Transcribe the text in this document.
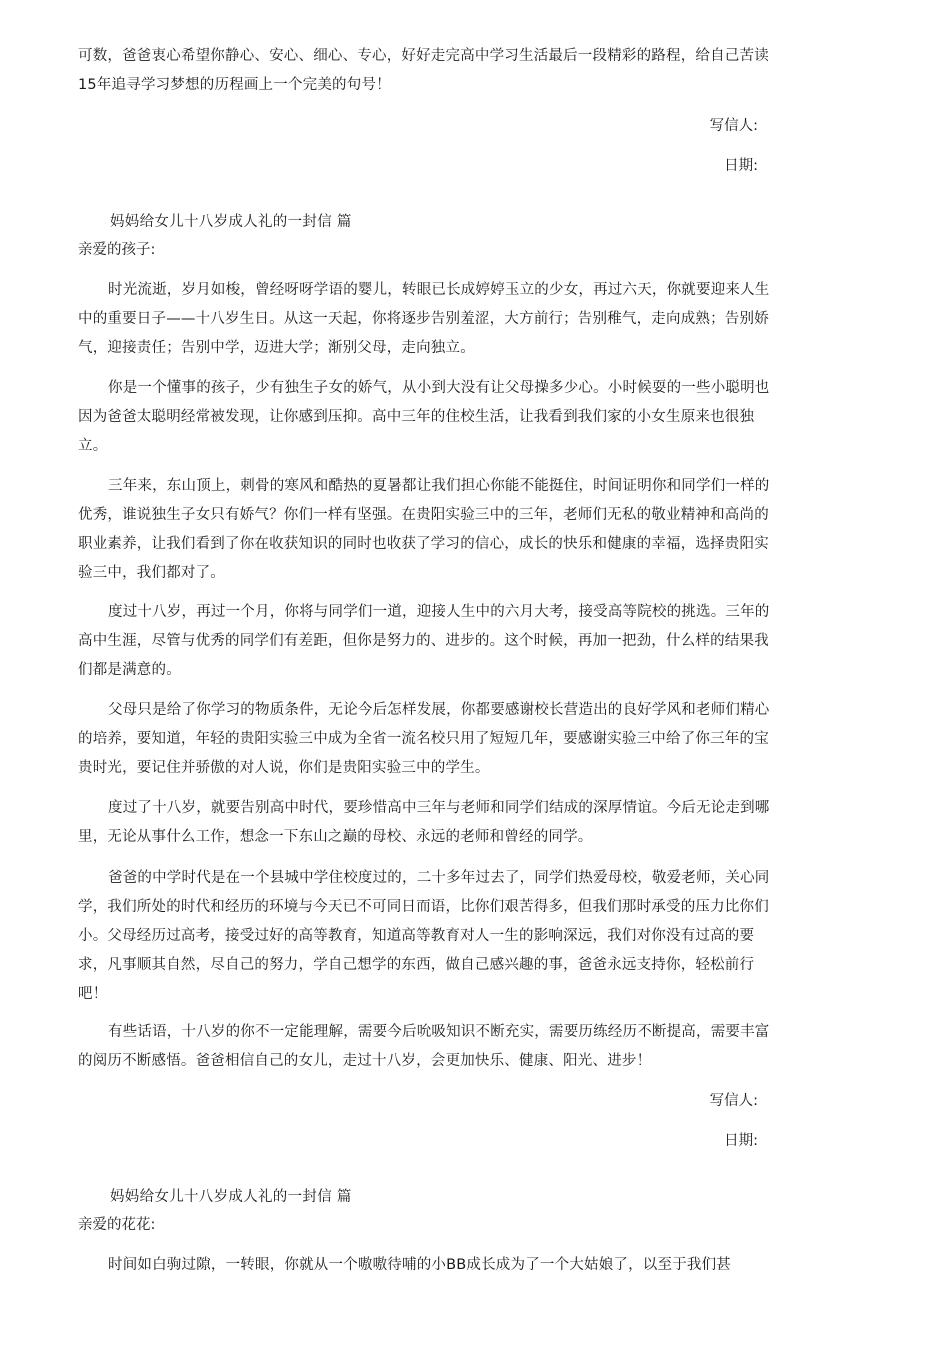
可数，爸爸衷心希望你静心、安心、细心、专心，好好走完高中学习生活最后一段精彩的路程，给自己苦读15年追寻学习梦想的历程画上一个完美的句号！

写信人:
日期:
妈妈给女儿十八岁成人礼的一封信 篇
亲爱的孩子:

时光流逝，岁月如梭，曾经呀呀学语的婴儿，转眼已长成婷婷玉立的少女，再过六天，你就要迎来人生中的重要日子——十八岁生日。从这一天起，你将逐步告别羞涩，大方前行；告别稚气，走向成熟；告别娇气，迎接责任；告别中学，迈进大学；渐别父母，走向独立。

你是一个懂事的孩子，少有独生子女的娇气，从小到大没有让父母操多少心。小时候耍的一些小聪明也因为爸爸太聪明经常被发现，让你感到压抑。高中三年的住校生活，让我看到我们家的小女生原来也很独立。

三年来，东山顶上，刺骨的寒风和酷热的夏暑都让我们担心你能不能挺住，时间证明你和同学们一样的优秀，谁说独生子女只有娇气？你们一样有坚强。在贵阳实验三中的三年，老师们无私的敬业精神和高尚的职业素养，让我们看到了你在收获知识的同时也收获了学习的信心，成长的快乐和健康的幸福，选择贵阳实验三中，我们都对了。

度过十八岁，再过一个月，你将与同学们一道，迎接人生中的六月大考，接受高等院校的挑选。三年的高中生涯，尽管与优秀的同学们有差距，但你是努力的、进步的。这个时候，再加一把劲，什么样的结果我们都是满意的。

父母只是给了你学习的物质条件，无论今后怎样发展，你都要感谢校长营造出的良好学风和老师们精心的培养，要知道，年轻的贵阳实验三中成为全省一流名校只用了短短几年，要感谢实验三中给了你三年的宝贵时光，要记住并骄傲的对人说，你们是贵阳实验三中的学生。

度过了十八岁，就要告别高中时代，要珍惜高中三年与老师和同学们结成的深厚情谊。今后无论走到哪里，无论从事什么工作，想念一下东山之巅的母校、永远的老师和曾经的同学。

爸爸的中学时代是在一个县城中学住校度过的，二十多年过去了，同学们热爱母校，敬爱老师，关心同学，我们所处的时代和经历的环境与今天已不可同日而语，比你们艰苦得多，但我们那时承受的压力比你们小。父母经历过高考，接受过好的高等教育，知道高等教育对人一生的影响深远，我们对你没有过高的要求，凡事顺其自然，尽自己的努力，学自己想学的东西，做自己感兴趣的事，爸爸永远支持你，轻松前行吧！

有些话语，十八岁的你不一定能理解，需要今后吮吸知识不断充实，需要历练经历不断提高，需要丰富的阅历不断感悟。爸爸相信自己的女儿，走过十八岁，会更加快乐、健康、阳光、进步！

写信人:
日期:
妈妈给女儿十八岁成人礼的一封信 篇
亲爱的花花:

时间如白驹过隙，一转眼，你就从一个嗷嗷待哺的小BB成长成为了一个大姑娘了，以至于我们甚
